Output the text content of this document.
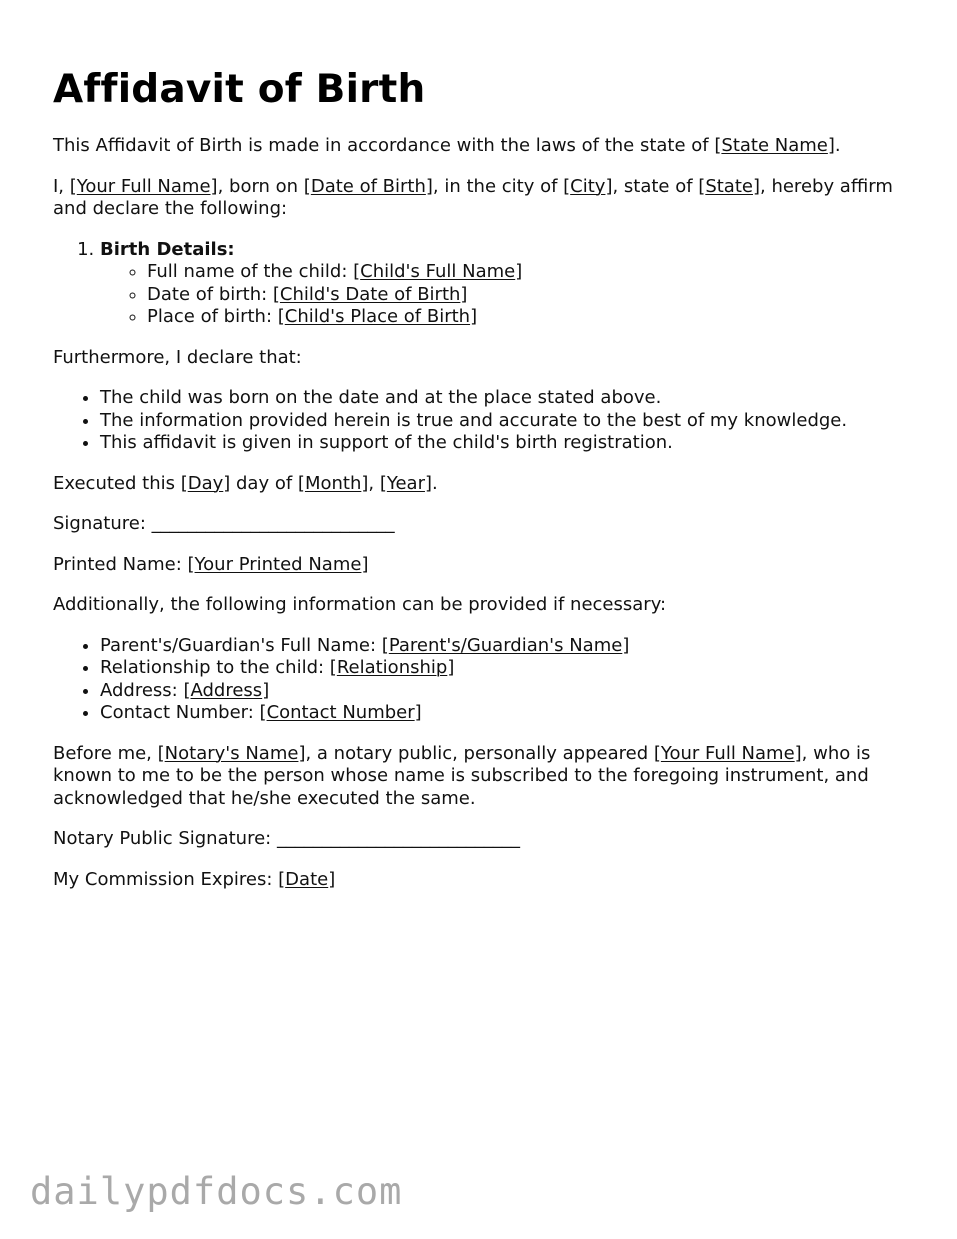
Affidavit of Birth

This Affidavit of Birth is made in accordance with the laws of the state of [State Name].

I, [Your Full Name], born on [Date of Birth], in the city of [City], state of [State], hereby affirm and declare the following:

1. Birth Details:
◦ Full name of the child: [Child's Full Name]
◦ Date of birth: [Child's Date of Birth]
◦ Place of birth: [Child's Place of Birth]

Furthermore, I declare that:

• The child was born on the date and at the place stated above.
• The information provided herein is true and accurate to the best of my knowledge.
• This affidavit is given in support of the child's birth registration.

Executed this [Day] day of [Month], [Year].

Signature: ___________________________

Printed Name: [Your Printed Name]

Additionally, the following information can be provided if necessary:

• Parent's/Guardian's Full Name: [Parent's/Guardian's Name]
• Relationship to the child: [Relationship]
• Address: [Address]
• Contact Number: [Contact Number]

Before me, [Notary's Name], a notary public, personally appeared [Your Full Name], who is known to me to be the person whose name is subscribed to the foregoing instrument, and acknowledged that he/she executed the same.

Notary Public Signature: ___________________________

My Commission Expires: [Date]

dailypdfdocs.com
